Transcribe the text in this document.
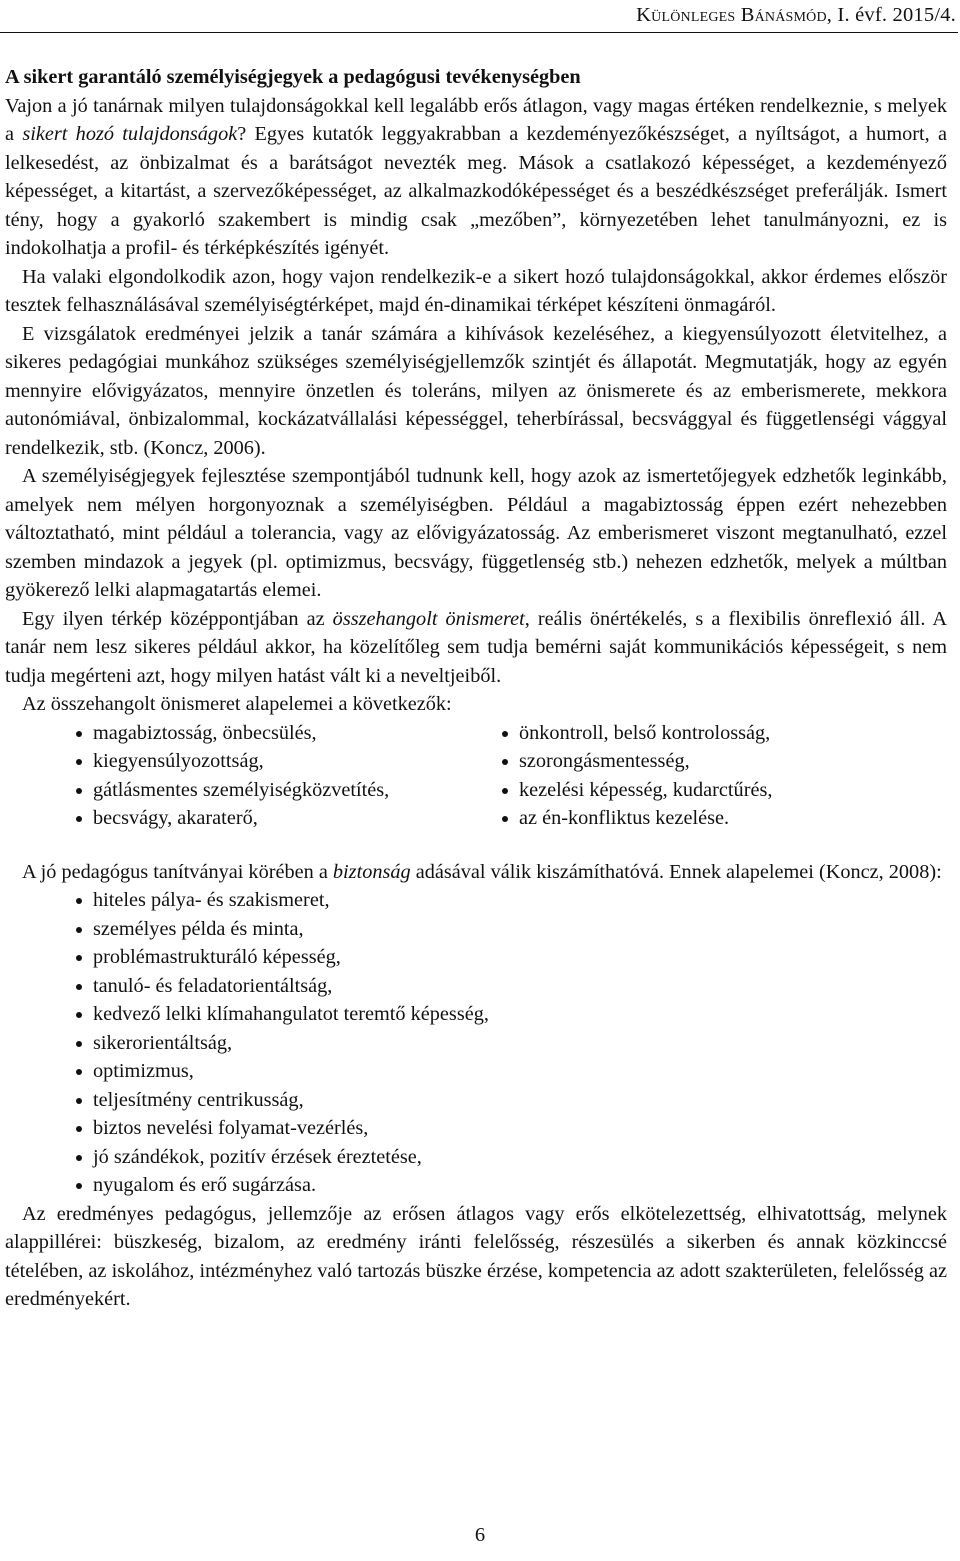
Különleges Bánásmód, I. évf. 2015/4.
A sikert garantáló személyiségjegyek a pedagógusi tevékenységben

Vajon a jó tanárnak milyen tulajdonságokkal kell legalább erős átlagon, vagy magas értéken rendelkeznie, s melyek a sikert hozó tulajdonságok? Egyes kutatók leggyakrabban a kezdeményezőkészséget, a nyíltságot, a humort, a lelkesedést, az önbizalmat és a barátságot nevezték meg. Mások a csatlakozó képességet, a kezdeményező képességet, a kitartást, a szervezőképességet, az alkalmazkodóképességet és a beszédkészséget preferálják. Ismert tény, hogy a gyakorló szakembert is mindig csak „mezőben”, környezetében lehet tanulmányozni, ez is indokolhatja a profil- és térképkészítés igényét.

Ha valaki elgondolkodik azon, hogy vajon rendelkezik-e a sikert hozó tulajdonságokkal, akkor érdemes először tesztek felhasználásával személyiségtérképet, majd én-dinamikai térképet készíteni önmagáról.

E vizsgálatok eredményei jelzik a tanár számára a kihívások kezeléséhez, a kiegyensúlyozott életvitelhez, a sikeres pedagógiai munkához szükséges személyiségjellemzők szintjét és állapotát. Megmutatják, hogy az egyén mennyire elővigyázatos, mennyire önzetlen és toleráns, milyen az önismerete és az emberismerete, mekkora autonómiával, önbizalommal, kockázatvállalási képességgel, teherbírással, becsvággyal és függetlenségi vággyal rendelkezik, stb. (Koncz, 2006).

A személyiségjegyek fejlesztése szempontjából tudnunk kell, hogy azok az ismertetőjegyek edzhetők leginkább, amelyek nem mélyen horgonyoznak a személyiségben. Például a magabiztosság éppen ezért nehezebben változtatható, mint például a tolerancia, vagy az elővigyázatosság. Az emberismeret viszont megtanulható, ezzel szemben mindazok a jegyek (pl. optimizmus, becsvágy, függetlenség stb.) nehezen edzhetők, melyek a múltban gyökerező lelki alapmagatartás elemei.

Egy ilyen térkép középpontjában az összehangolt önismeret, reális önértékelés, s a flexibilis önreflexió áll. A tanár nem lesz sikeres például akkor, ha közelítőleg sem tudja bemérni saját kommunikációs képességeit, s nem tudja megérteni azt, hogy milyen hatást vált ki a neveltjeiből.

Az összehangolt önismeret alapelemei a következők:

magabiztosság, önbecsülés,
kiegyensúlyozottság,
gátlásmentes személyiségközvetítés,
becsvágy, akaraterő,
önkontroll, belső kontrolosság,
szorongásmentesség,
kezelési képesség, kudarctűrés,
az én-konfliktus kezelése.

A jó pedagógus tanítványai körében a biztonság adásával válik kiszámíthatóvá. Ennek alapelemei (Koncz, 2008):

hiteles pálya- és szakismeret,
személyes példa és minta,
problémastrukturáló képesség,
tanuló- és feladatorientáltság,
kedvező lelki klímahangulatot teremtő képesség,
sikerorientáltság,
optimizmus,
teljesítmény centrikusság,
biztos nevelési folyamat-vezérlés,
jó szándékok, pozitív érzések éreztetése,
nyugalom és erő sugárzása.

Az eredményes pedagógus, jellemzője az erősen átlagos vagy erős elkötelezettség, elhivatottság, melynek alappillérei: büszkeség, bizalom, az eredmény iránti felelősség, részesülés a sikerben és annak közkinccsé tételében, az iskolához, intézményhez való tartozás büszke érzése, kompetencia az adott szakterületen, felelősség az eredményekért.

6
